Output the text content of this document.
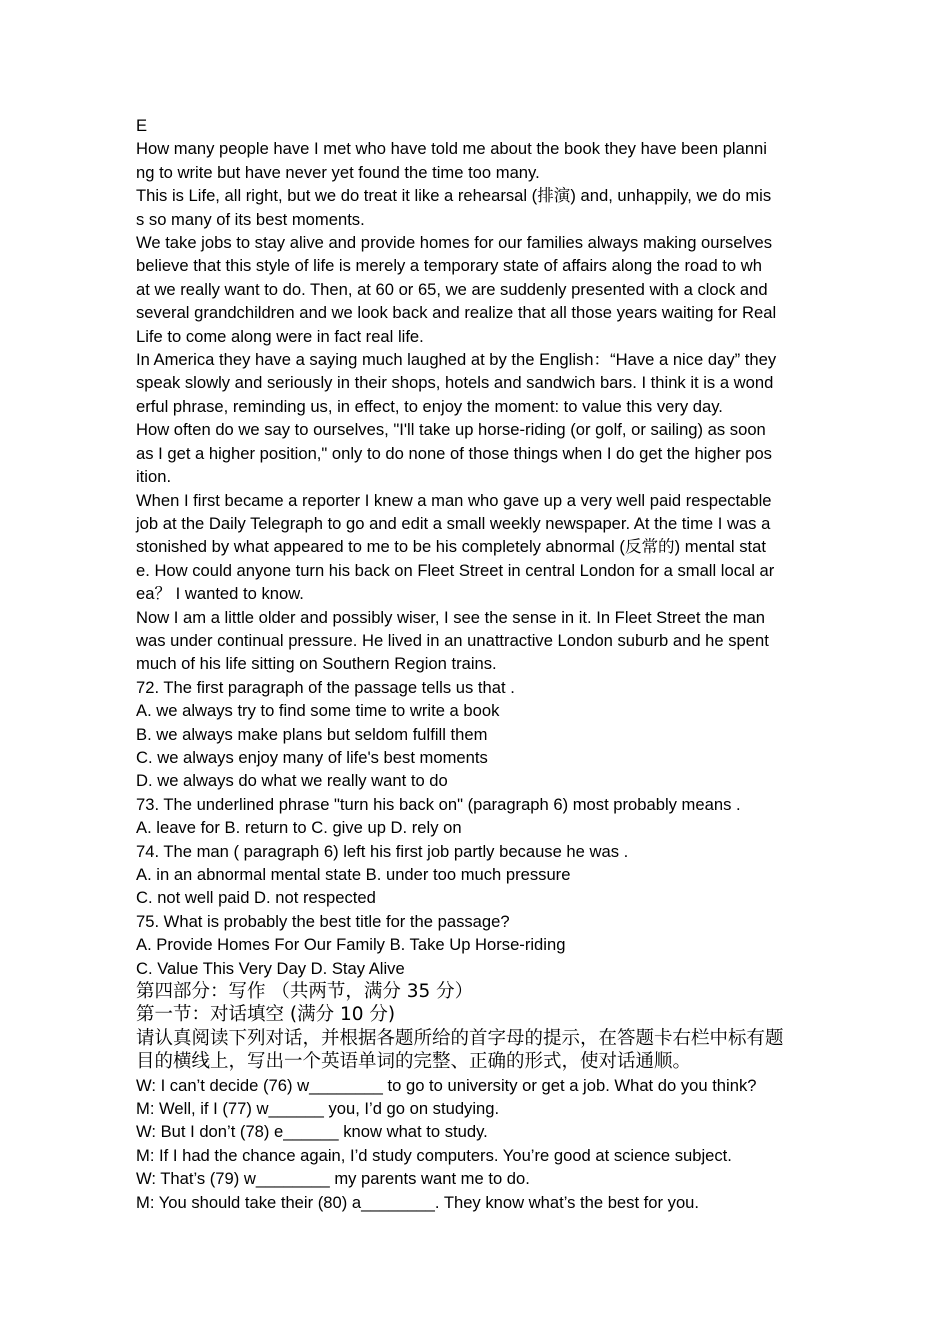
E
How many people have I met who have told me about the book they have been planni
ng to write but have never yet found the time too many.
This is Life, all right, but we do treat it like a rehearsal (排演) and, unhappily, we do mis
s so many of its best moments.
We take jobs to stay alive and provide homes for our families always making ourselves
believe that this style of life is merely a temporary state of affairs along the road to wh
at we really want to do. Then, at 60 or 65, we are suddenly presented with a clock and
several grandchildren and we look back and realize that all those years waiting for Real
Life to come along were in fact real life.
In America they have a saying much laughed at by the English：“Have a nice day” they
speak slowly and seriously in their shops, hotels and sandwich bars. I think it is a wond
erful phrase, reminding us, in effect, to enjoy the moment: to value this very day.
How often do we say to ourselves, "I'll take up horse-riding (or golf, or sailing) as soon
as I get a higher position," only to do none of those things when I do get the higher pos
ition.
When I first became a reporter I knew a man who gave up a very well paid respectable
job at the Daily Telegraph to go and edit a small weekly newspaper. At the time I was a
stonished by what appeared to me to be his completely abnormal (反常的) mental stat
e. How could anyone turn his back on Fleet Street in central London for a small local ar
ea？ I wanted to know.
Now I am a little older and possibly wiser, I see the sense in it. In Fleet Street the man
was under continual pressure. He lived in an unattractive London suburb and he spent
much of his life sitting on Southern Region trains.
72. The first paragraph of the passage tells us that .
A. we always try to find some time to write a book
B. we always make plans but seldom fulfill them
C. we always enjoy many of life's best moments
D. we always do what we really want to do
73. The underlined phrase "turn his back on" (paragraph 6) most probably means .
A. leave for B. return to C. give up D. rely on
74. The man ( paragraph 6) left his first job partly because he was .
A. in an abnormal mental state B. under too much pressure
C. not well paid D. not respected
75. What is probably the best title for the passage?
A. Provide Homes For Our Family B. Take Up Horse-riding
C. Value This Very Day D. Stay Alive
第四部分：写作 （共两节，满分 35 分）
第一节：对话填空 (满分 10 分)
请认真阅读下列对话，并根据各题所给的首字母的提示，在答题卡右栏中标有题
目的横线上，写出一个英语单词的完整、正确的形式，使对话通顺。
W: I can’t decide (76) w________ to go to university or get a job. What do you think?
M: Well, if I (77) w______ you, I’d go on studying.
W: But I don’t (78) e______ know what to study.
M: If I had the chance again, I’d study computers. You’re good at science subject.
W: That’s (79) w________ my parents want me to do.
M: You should take their (80) a________. They know what’s the best for you.
